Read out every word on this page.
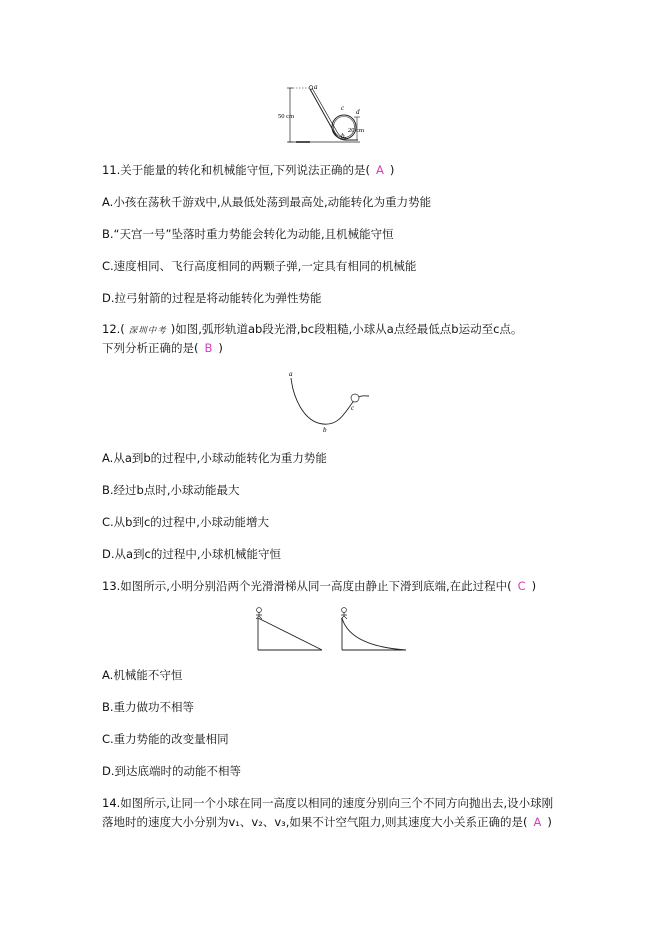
50 cm
a
b
c d
20 cm
11.关于能量的转化和机械能守恒,下列说法正确的是( A )
A.小孩在荡秋千游戏中,从最低处荡到最高处,动能转化为重力势能
B.“天宫一号”坠落时重力势能会转化为动能,且机械能守恒
C.速度相同、飞行高度相同的两颗子弹,一定具有相同的机械能
D.拉弓射箭的过程是将动能转化为弹性势能
12.( 深圳中考 )如图,弧形轨道ab段光滑,bc段粗糙,小球从a点经最低点b运动至c点。
下列分析正确的是( B )
a
b
c
A.从a到b的过程中,小球动能转化为重力势能
B.经过b点时,小球动能最大
C.从b到c的过程中,小球动能增大
D.从a到c的过程中,小球机械能守恒
13.如图所示,小明分别沿两个光滑滑梯从同一高度由静止下滑到底端,在此过程中( C )
A.机械能不守恒
B.重力做功不相等
C.重力势能的改变量相同
D.到达底端时的动能不相等
14.如图所示,让同一个小球在同一高度以相同的速度分别向三个不同方向抛出去,设小球刚
落地时的速度大小分别为v₁、v₂、v₃,如果不计空气阻力,则其速度大小关系正确的是( A )
